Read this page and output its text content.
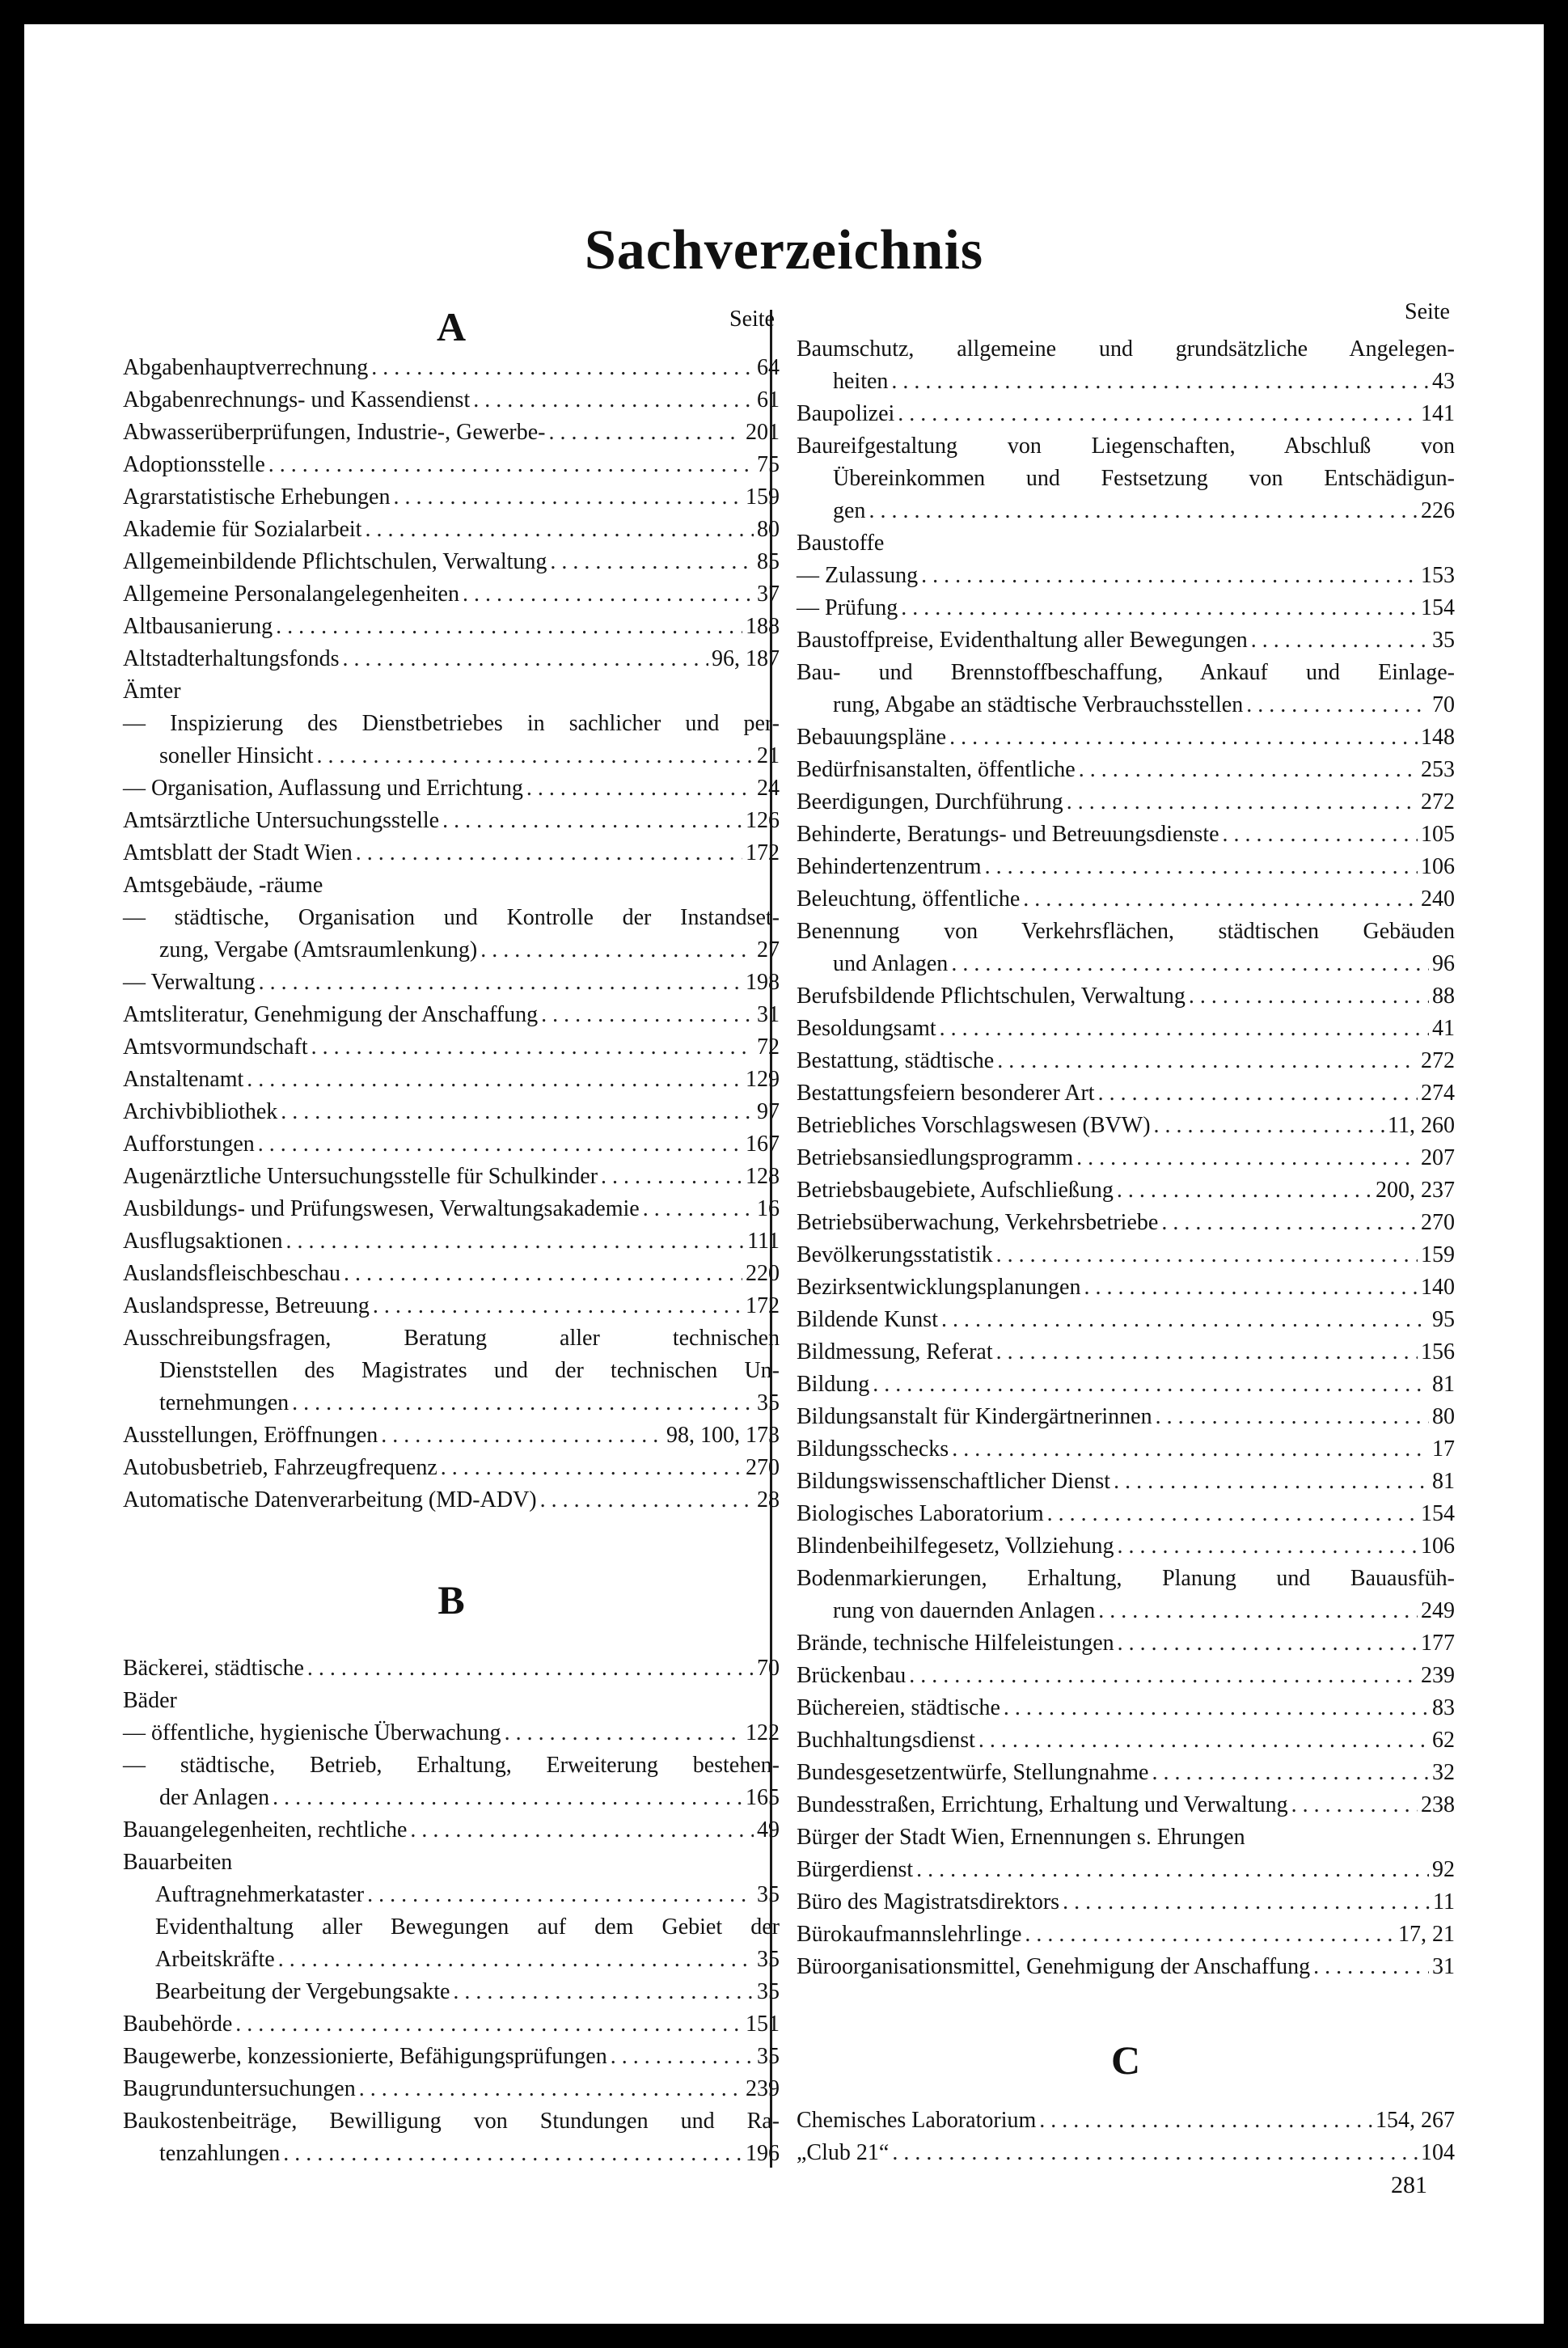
Sachverzeichnis
A	Seite
Abgabenhauptverrechnung . . .	64
Abgabenrechnungs- und Kassendienst . . .	61
Abwasserüberprüfungen, Industrie-, Gewerbe- . . .	201
Adoptionsstelle . . .	75
Agrarstatistische Erhebungen . . .	159
Akademie für Sozialarbeit . . .	80
Allgemeinbildende Pflichtschulen, Verwaltung . . .	85
Allgemeine Personalangelegenheiten . . .	37
Altbausanierung . . .	188
Altstadterhaltungsfonds . . .	96, 187
Ämter
— Inspizierung des Dienstbetriebes in sachlicher und per-
soneller Hinsicht . . .	21
— Organisation, Auflassung und Errichtung . . .	24
Amtsärztliche Untersuchungsstelle . . .	126
Amtsblatt der Stadt Wien . . .	172
Amtsgebäude, -räume
— städtische, Organisation und Kontrolle der Instandset-
zung, Vergabe (Amtsraumlenkung) . . .	27
— Verwaltung . . .	198
Amtsliteratur, Genehmigung der Anschaffung . . .	31
Amtsvormundschaft . . .	72
Anstaltenamt . . .	129
Archivbibliothek . . .	97
Aufforstungen . . .	167
Augenärztliche Untersuchungsstelle für Schulkinder . . .	128
Ausbildungs- und Prüfungswesen, Verwaltungsakademie . . .	16
Ausflugsaktionen . . .	111
Auslandsfleischbeschau . . .	220
Auslandspresse, Betreuung . . .	172
Ausschreibungsfragen, Beratung aller technischen
Dienststellen des Magistrates und der technischen Un-
ternehmungen . . .	35
Ausstellungen, Eröffnungen . . .	98, 100, 173
Autobusbetrieb, Fahrzeugfrequenz . . .	270
Automatische Datenverarbeitung (MD-ADV) . . .	28
B
Bäckerei, städtische . . .	70
Bäder
— öffentliche, hygienische Überwachung . . .	122
— städtische, Betrieb, Erhaltung, Erweiterung bestehen-
der Anlagen . . .	165
Bauangelegenheiten, rechtliche . . .	49
Bauarbeiten
Auftragnehmerkataster . . .	35
Evidenthaltung aller Bewegungen auf dem Gebiet der
Arbeitskräfte . . .	35
Bearbeitung der Vergebungsakte . . .	35
Baubehörde . . .	151
Baugewerbe, konzessionierte, Befähigungsprüfungen . . .	35
Baugrunduntersuchungen . . .	239
Baukostenbeiträge, Bewilligung von Stundungen und Ra-
tenzahlungen . . .	196
Seite
Baumschutz, allgemeine und grundsätzliche Angelegen-
heiten . . .	43
Baupolizei . . .	141
Baureifgestaltung von Liegenschaften, Abschluß von
Übereinkommen und Festsetzung von Entschädigun-
gen . . .	226
Baustoffe
— Zulassung . . .	153
— Prüfung . . .	154
Baustoffpreise, Evidenthaltung aller Bewegungen . . .	35
Bau- und Brennstoffbeschaffung, Ankauf und Einlage-
rung, Abgabe an städtische Verbrauchsstellen . . .	70
Bebauungspläne . . .	148
Bedürfnisanstalten, öffentliche . . .	253
Beerdigungen, Durchführung . . .	272
Behinderte, Beratungs- und Betreuungsdienste . . .	105
Behindertenzentrum . . .	106
Beleuchtung, öffentliche . . .	240
Benennung von Verkehrsflächen, städtischen Gebäuden
und Anlagen . . .	96
Berufsbildende Pflichtschulen, Verwaltung . . .	88
Besoldungsamt . . .	41
Bestattung, städtische . . .	272
Bestattungsfeiern besonderer Art . . .	274
Betriebliches Vorschlagswesen (BVW) . . .	11, 260
Betriebsansiedlungsprogramm . . .	207
Betriebsbaugebiete, Aufschließung . . .	200, 237
Betriebsüberwachung, Verkehrsbetriebe . . .	270
Bevölkerungsstatistik . . .	159
Bezirksentwicklungsplanungen . . .	140
Bildende Kunst . . .	95
Bildmessung, Referat . . .	156
Bildung . . .	81
Bildungsanstalt für Kindergärtnerinnen . . .	80
Bildungsschecks . . .	17
Bildungswissenschaftlicher Dienst . . .	81
Biologisches Laboratorium . . .	154
Blindenbeihilfegesetz, Vollziehung . . .	106
Bodenmarkierungen, Erhaltung, Planung und Bauausfüh-
rung von dauernden Anlagen . . .	249
Brände, technische Hilfeleistungen . . .	177
Brückenbau . . .	239
Büchereien, städtische . . .	83
Buchhaltungsdienst . . .	62
Bundesgesetzentwürfe, Stellungnahme . . .	32
Bundesstraßen, Errichtung, Erhaltung und Verwaltung . . .	238
Bürger der Stadt Wien, Ernennungen s. Ehrungen
Bürgerdienst . . .	92
Büro des Magistratsdirektors . . .	11
Bürokaufmannslehrlinge . . .	17, 21
Büroorganisationsmittel, Genehmigung der Anschaffung . . .	31
C
Chemisches Laboratorium . . .	154, 267
„Club 21“ . . .	104
281
